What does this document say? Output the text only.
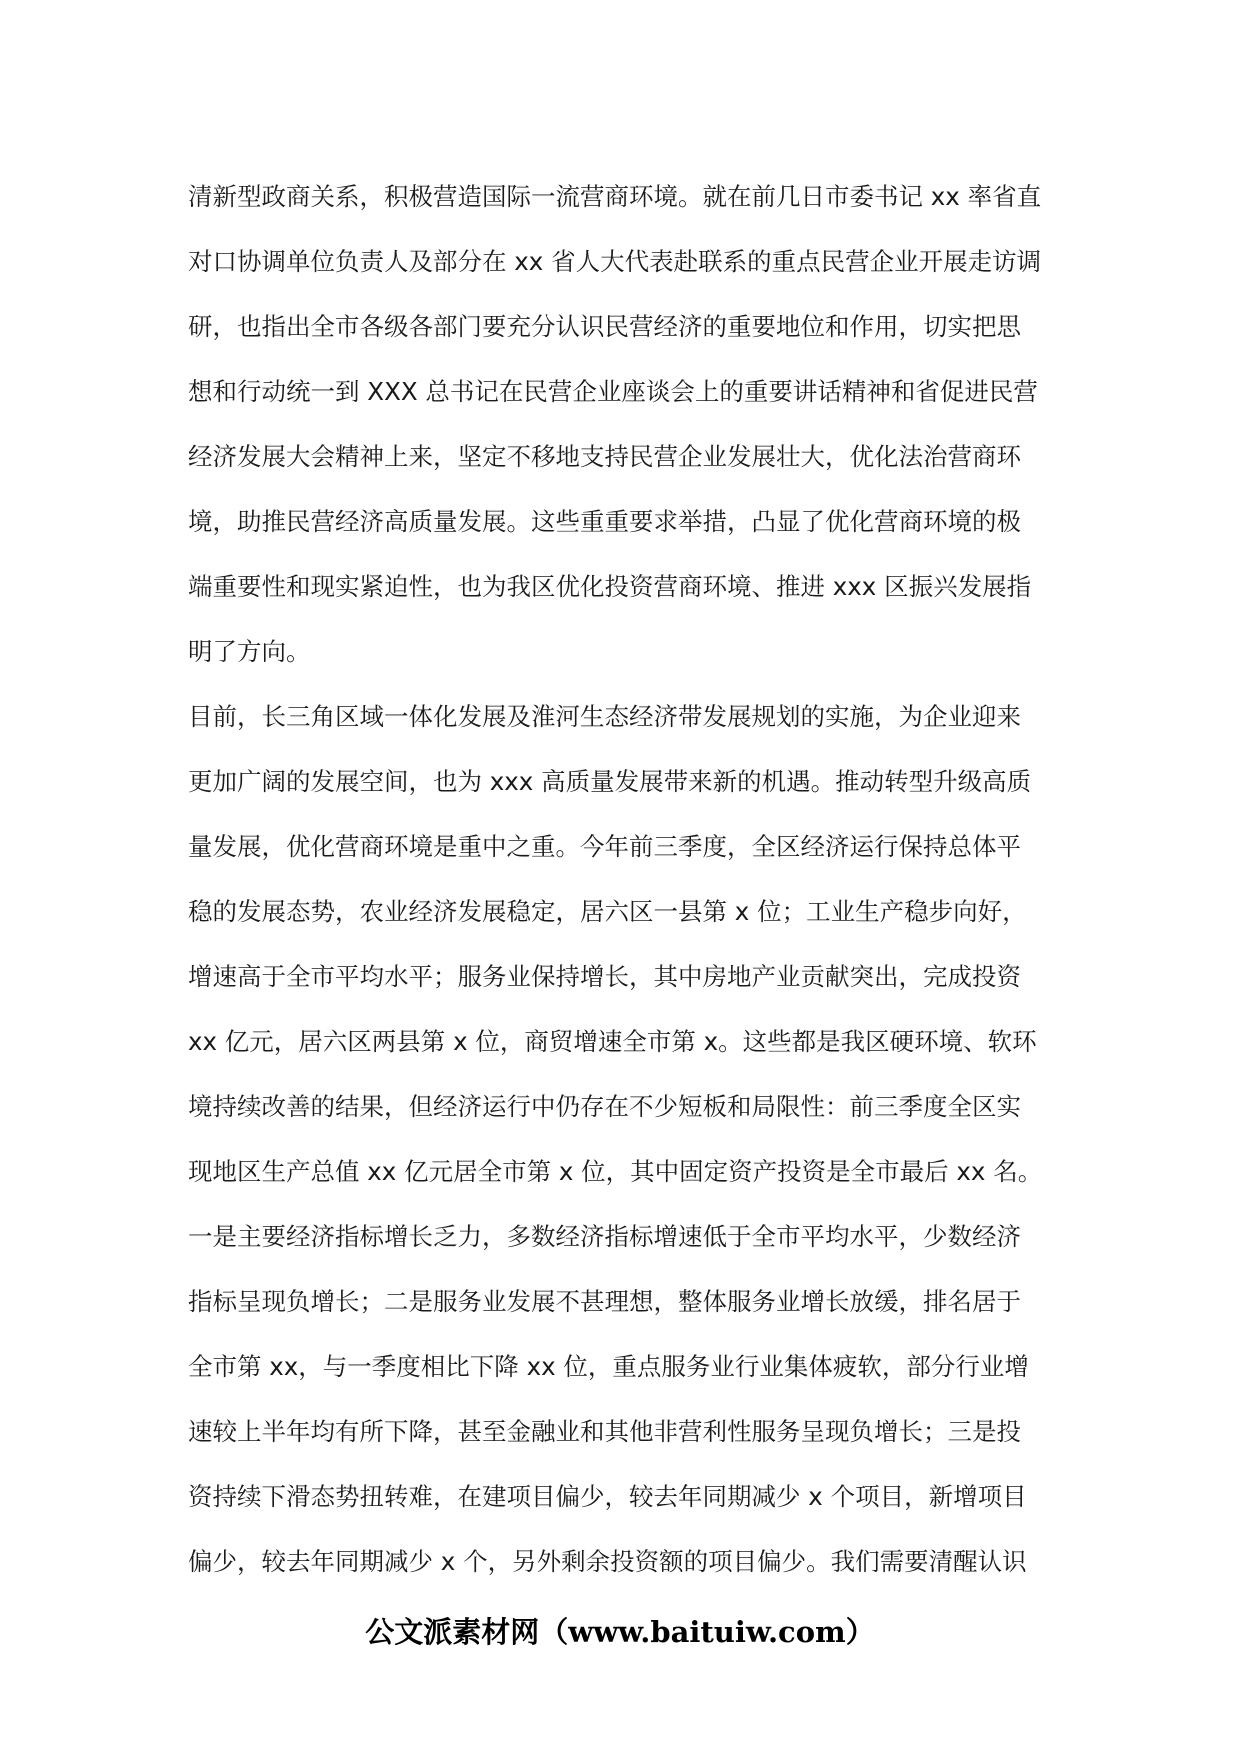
清新型政商关系，积极营造国际一流营商环境。就在前几日市委书记 xx 率省直
对口协调单位负责人及部分在 xx 省人大代表赴联系的重点民营企业开展走访调
研，也指出全市各级各部门要充分认识民营经济的重要地位和作用，切实把思
想和行动统一到 XXX 总书记在民营企业座谈会上的重要讲话精神和省促进民营
经济发展大会精神上来，坚定不移地支持民营企业发展壮大，优化法治营商环
境，助推民营经济高质量发展。这些重重要求举措，凸显了优化营商环境的极
端重要性和现实紧迫性，也为我区优化投资营商环境、推进 xxx 区振兴发展指
明了方向。
目前，长三角区域一体化发展及淮河生态经济带发展规划的实施，为企业迎来
更加广阔的发展空间，也为 xxx 高质量发展带来新的机遇。推动转型升级高质
量发展，优化营商环境是重中之重。今年前三季度，全区经济运行保持总体平
稳的发展态势，农业经济发展稳定，居六区一县第 x 位；工业生产稳步向好，
增速高于全市平均水平；服务业保持增长，其中房地产业贡献突出，完成投资
xx 亿元，居六区两县第 x 位，商贸增速全市第 x。这些都是我区硬环境、软环
境持续改善的结果，但经济运行中仍存在不少短板和局限性：前三季度全区实
现地区生产总值 xx 亿元居全市第 x 位，其中固定资产投资是全市最后 xx 名。
一是主要经济指标增长乏力，多数经济指标增速低于全市平均水平，少数经济
指标呈现负增长；二是服务业发展不甚理想，整体服务业增长放缓，排名居于
全市第 xx，与一季度相比下降 xx 位，重点服务业行业集体疲软，部分行业增
速较上半年均有所下降，甚至金融业和其他非营利性服务呈现负增长；三是投
资持续下滑态势扭转难，在建项目偏少，较去年同期减少 x 个项目，新增项目
偏少，较去年同期减少 x 个，另外剩余投资额的项目偏少。我们需要清醒认识
公文派素材网（www.baituiw.com）
